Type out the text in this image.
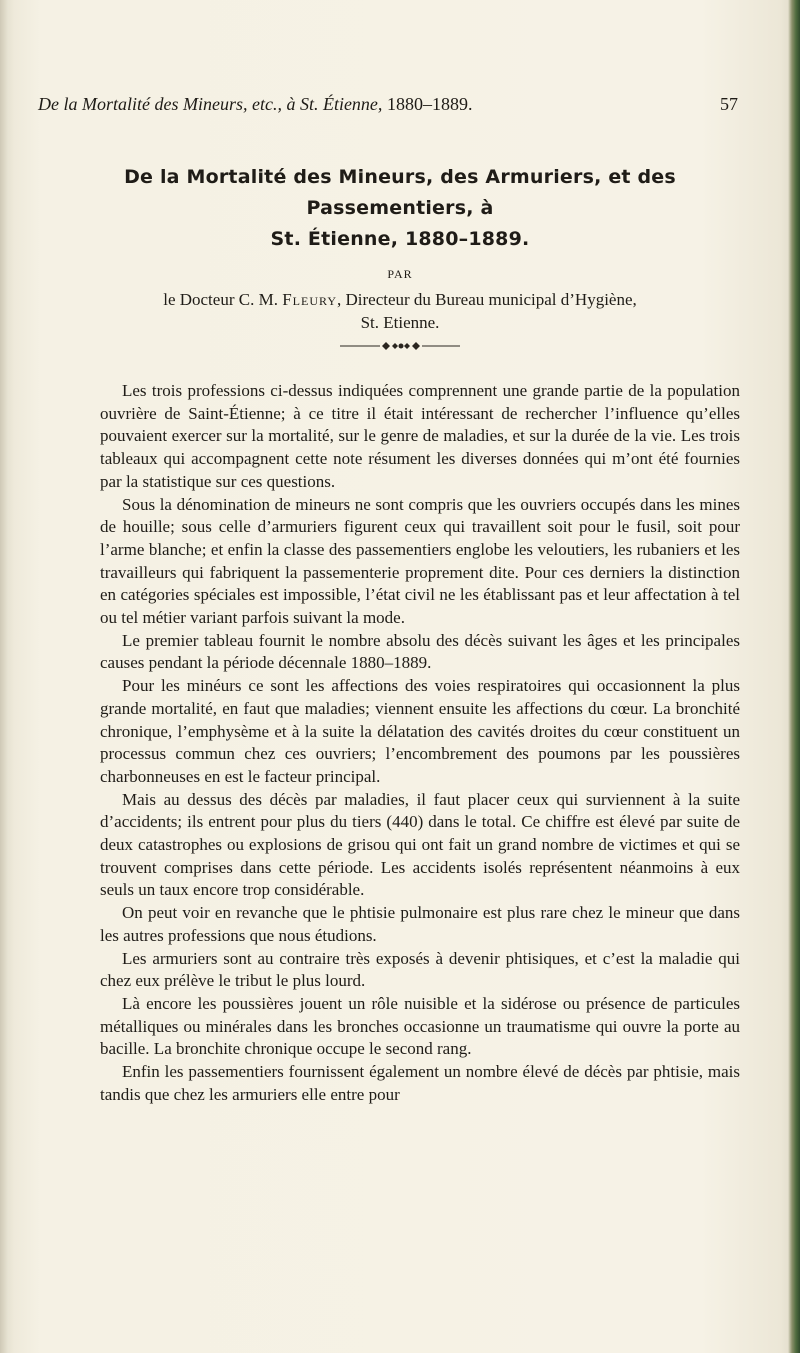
De la Mortalité des Mineurs, etc., à St. Étienne, 1880–1889.	57
De la Mortalité des Mineurs, des Armuriers, et des Passementiers, à
St. Étienne, 1880–1889.
PAR
le Docteur C. M. Fleury, Directeur du Bureau municipal d’Hygiène,
St. Etienne.

Les trois professions ci-dessus indiquées comprennent une grande partie de la population ouvrière de Saint-Étienne; à ce titre il était intéressant de rechercher l’influence qu’elles pouvaient exercer sur la mortalité, sur le genre de maladies, et sur la durée de la vie. Les trois tableaux qui accompagnent cette note résument les diverses données qui m’ont été fournies par la statistique sur ces questions.

Sous la dénomination de mineurs ne sont compris que les ouvriers occupés dans les mines de houille; sous celle d’armuriers figurent ceux qui travaillent soit pour le fusil, soit pour l’arme blanche; et enfin la classe des passementiers englobe les veloutiers, les rubaniers et les travailleurs qui fabriquent la passementerie proprement dite. Pour ces derniers la distinction en catégories spéciales est impossible, l’état civil ne les établissant pas et leur affectation à tel ou tel métier variant parfois suivant la mode.

Le premier tableau fournit le nombre absolu des décès suivant les âges et les principales causes pendant la période décennale 1880–1889.

Pour les minéurs ce sont les affections des voies respiratoires qui occasionnent la plus grande mortalité, en faut que maladies; viennent ensuite les affections du cœur. La bronchité chronique, l’emphysème et à la suite la délatation des cavités droites du cœur constituent un processus commun chez ces ouvriers; l’encombrement des poumons par les poussières charbonneuses en est le facteur principal.

Mais au dessus des décès par maladies, il faut placer ceux qui surviennent à la suite d’accidents; ils entrent pour plus du tiers (440) dans le total. Ce chiffre est élevé par suite de deux catastrophes ou explosions de grisou qui ont fait un grand nombre de victimes et qui se trouvent comprises dans cette période. Les accidents isolés représentent néanmoins à eux seuls un taux encore trop considérable.

On peut voir en revanche que le phtisie pulmonaire est plus rare chez le mineur que dans les autres professions que nous étudions.

Les armuriers sont au contraire très exposés à devenir phtisiques, et c’est la maladie qui chez eux prélève le tribut le plus lourd.

Là encore les poussières jouent un rôle nuisible et la sidérose ou présence de particules métalliques ou minérales dans les bronches occasionne un traumatisme qui ouvre la porte au bacille. La bronchite chronique occupe le second rang.

Enfin les passementiers fournissent également un nombre élevé de décès par phtisie, mais tandis que chez les armuriers elle entre pour
